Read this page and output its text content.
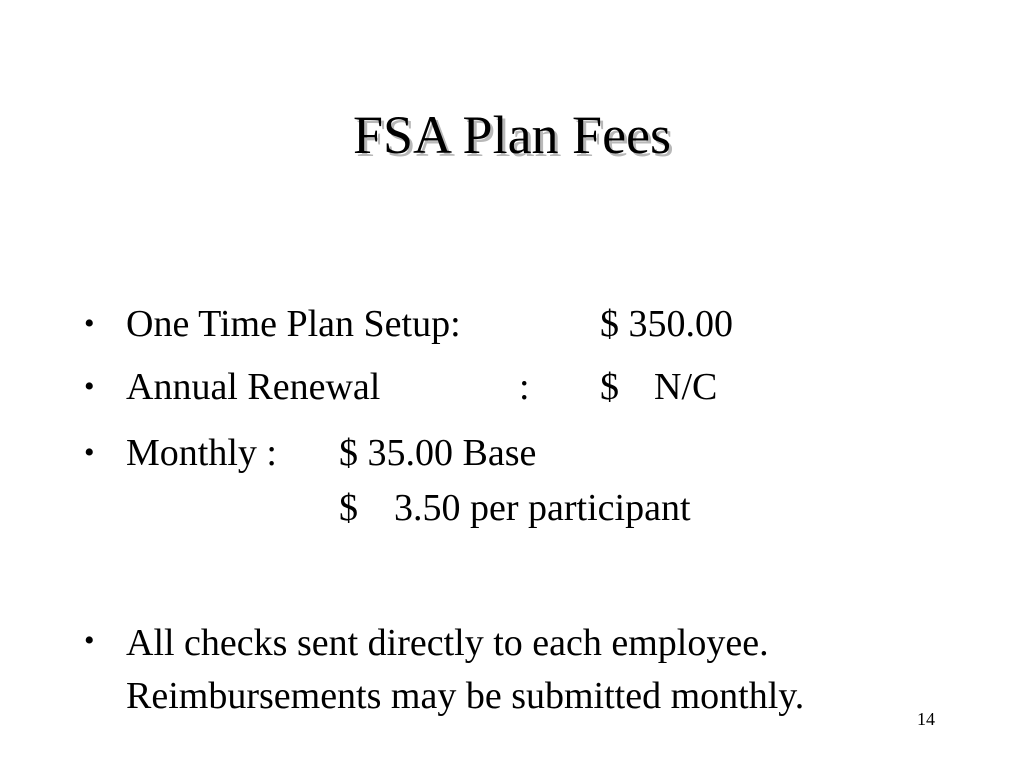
FSA Plan Fees
• One Time Plan Setup:	$ 350.00
• Annual Renewal	: $ N/C
• Monthly : $ 35.00 Base
$ 3.50 per participant
• All checks sent directly to each employee. Reimbursements may be submitted monthly.
14
